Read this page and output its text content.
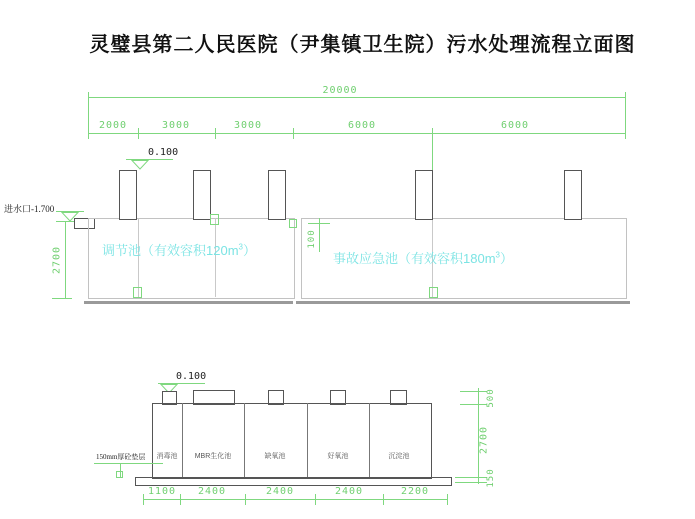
灵璧县第二人民医院（尹集镇卫生院）污水处理流程立面图
20000
2000	3000	3000	6000	6000
0.100
进水口-1.700
2700
100
调节池（有效容积$120m^3$）
事故应急池（有效容积$180m^3$）
0.100
消毒池	MBR生化池	缺氧池	好氧池	沉淀池
150mm厚砼垫层
1100	2400	2400	2400	2200
500
2700
150
